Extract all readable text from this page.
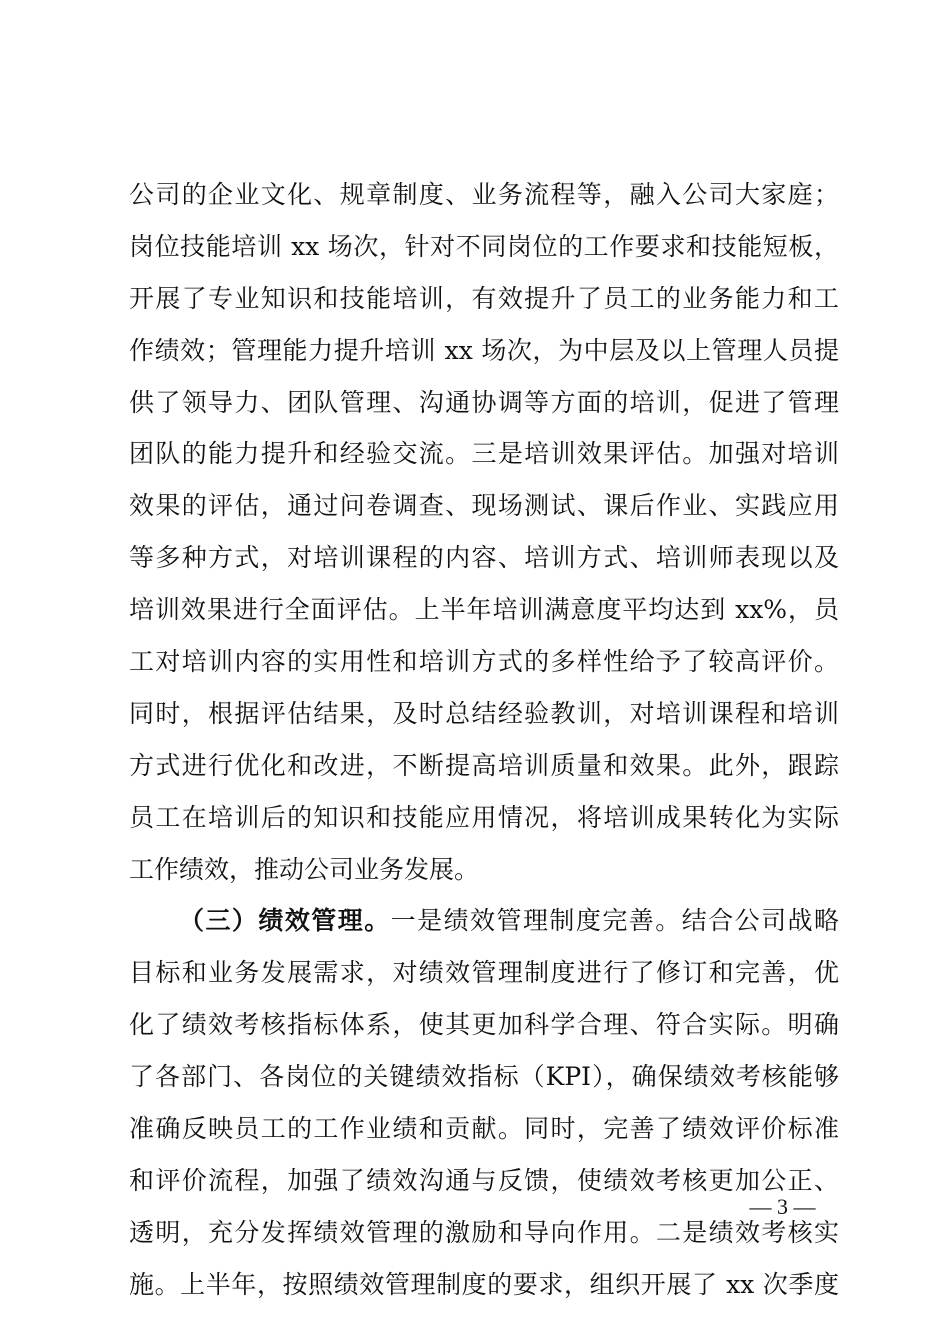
公司的企业文化、规章制度、业务流程等，融入公司大家庭；
岗位技能培训 xx 场次，针对不同岗位的工作要求和技能短板，
开展了专业知识和技能培训，有效提升了员工的业务能力和工
作绩效；管理能力提升培训 xx 场次，为中层及以上管理人员提
供了领导力、团队管理、沟通协调等方面的培训，促进了管理
团队的能力提升和经验交流。三是培训效果评估。加强对培训
效果的评估，通过问卷调查、现场测试、课后作业、实践应用
等多种方式，对培训课程的内容、培训方式、培训师表现以及
培训效果进行全面评估。上半年培训满意度平均达到 xx%，员
工对培训内容的实用性和培训方式的多样性给予了较高评价。
同时，根据评估结果，及时总结经验教训，对培训课程和培训
方式进行优化和改进，不断提高培训质量和效果。此外，跟踪
员工在培训后的知识和技能应用情况，将培训成果转化为实际
工作绩效，推动公司业务发展。
（三）绩效管理。一是绩效管理制度完善。结合公司战略
目标和业务发展需求，对绩效管理制度进行了修订和完善，优
化了绩效考核指标体系，使其更加科学合理、符合实际。明确
了各部门、各岗位的关键绩效指标（KPI），确保绩效考核能够
准确反映员工的工作业绩和贡献。同时，完善了绩效评价标准
和评价流程，加强了绩效沟通与反馈，使绩效考核更加公正、
透明，充分发挥绩效管理的激励和导向作用。二是绩效考核实
施。上半年，按照绩效管理制度的要求，组织开展了 xx 次季度
— 3 —
